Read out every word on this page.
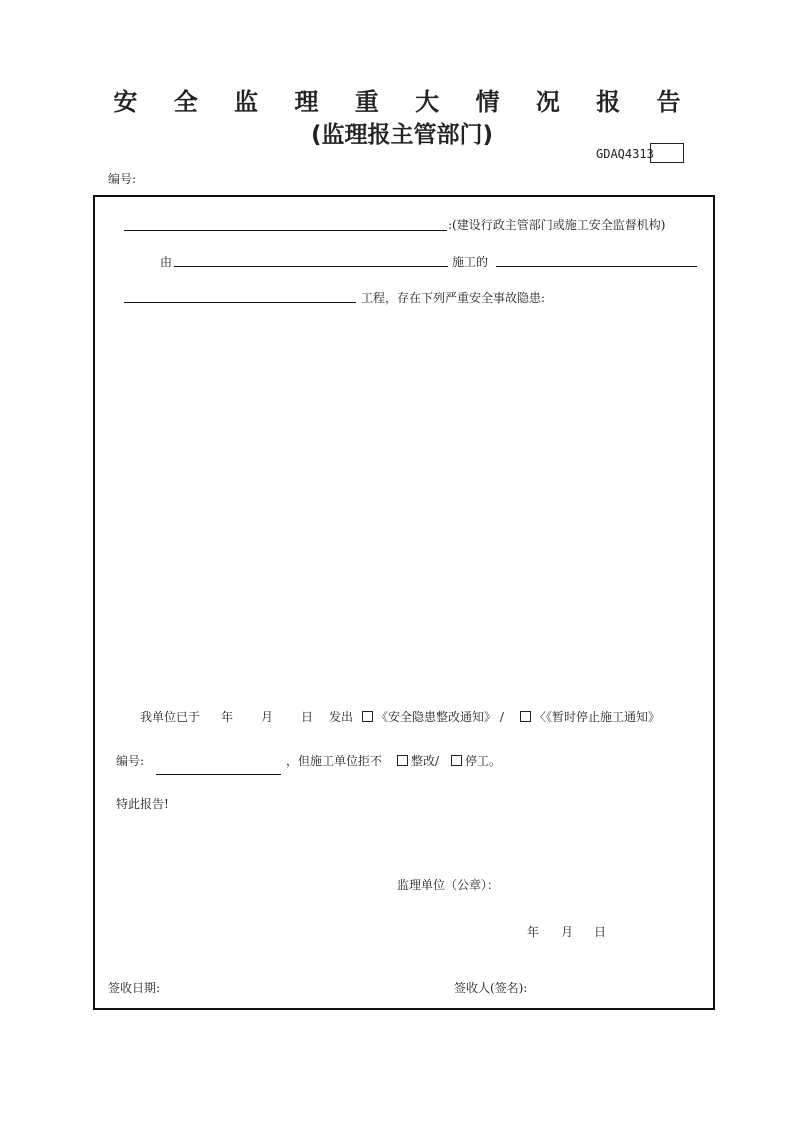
安 全 监 理 重 大 情 况 报 告
(监理报主管部门)
GDAQ4313
编号:
:(建设行政主管部门或施工安全监督机构)
由	施工的
工程，存在下列严重安全事故隐患:
我单位已于 年 月 日 发出	《安全隐患整改通知》 /	〈《暂时停止施工通知》
编号:	，但施工单位拒不	整改/	停工。
特此报告!
监理单位（公章）：
年 月 日
签收日期:	签收人(签名):
